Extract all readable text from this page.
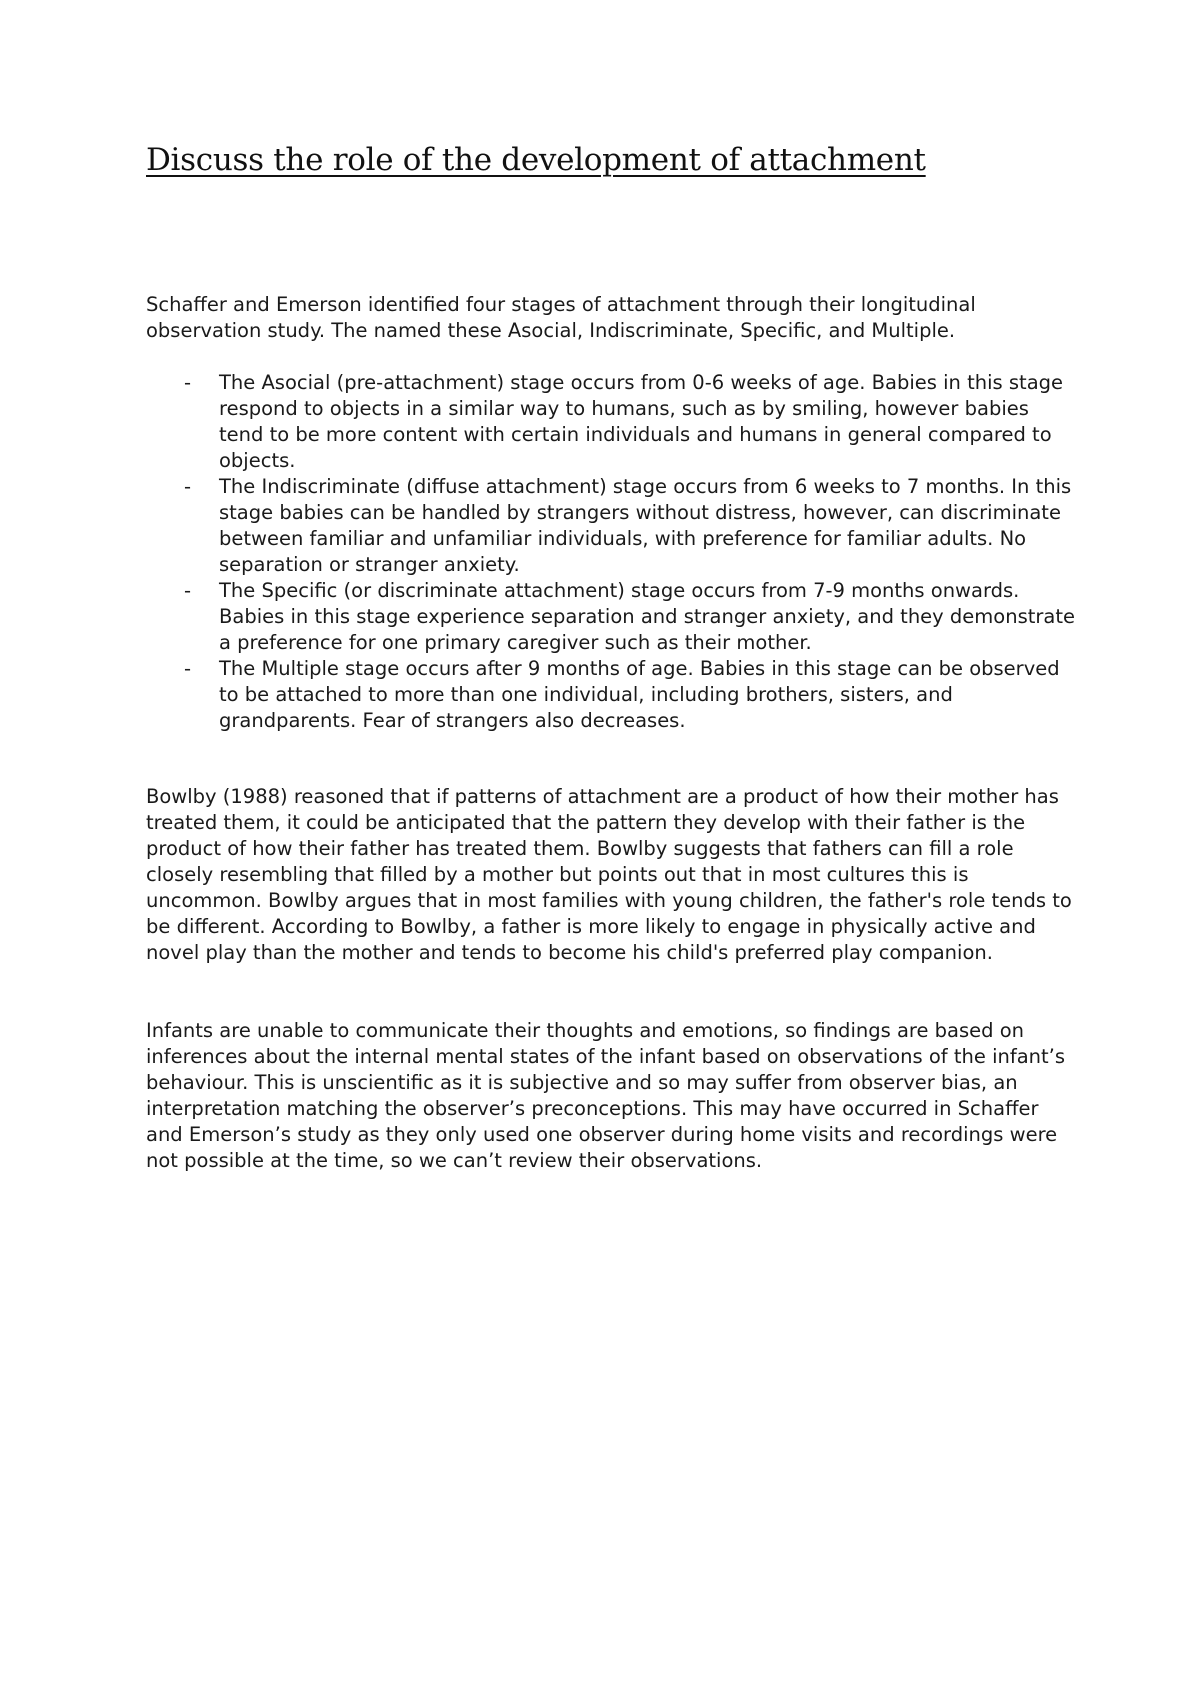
Discuss the role of the development of attachment

Schaffer and Emerson identified four stages of attachment through their longitudinal observation study. The named these Asocial, Indiscriminate, Specific, and Multiple.

- The Asocial (pre-attachment) stage occurs from 0-6 weeks of age. Babies in this stage respond to objects in a similar way to humans, such as by smiling, however babies tend to be more content with certain individuals and humans in general compared to objects.
- The Indiscriminate (diffuse attachment) stage occurs from 6 weeks to 7 months. In this stage babies can be handled by strangers without distress, however, can discriminate between familiar and unfamiliar individuals, with preference for familiar adults. No separation or stranger anxiety.
- The Specific (or discriminate attachment) stage occurs from 7-9 months onwards. Babies in this stage experience separation and stranger anxiety, and they demonstrate a preference for one primary caregiver such as their mother.
- The Multiple stage occurs after 9 months of age. Babies in this stage can be observed to be attached to more than one individual, including brothers, sisters, and grandparents. Fear of strangers also decreases.

Bowlby (1988) reasoned that if patterns of attachment are a product of how their mother has treated them, it could be anticipated that the pattern they develop with their father is the product of how their father has treated them. Bowlby suggests that fathers can fill a role closely resembling that filled by a mother but points out that in most cultures this is uncommon. Bowlby argues that in most families with young children, the father's role tends to be different. According to Bowlby, a father is more likely to engage in physically active and novel play than the mother and tends to become his child's preferred play companion.

Infants are unable to communicate their thoughts and emotions, so findings are based on inferences about the internal mental states of the infant based on observations of the infant’s behaviour. This is unscientific as it is subjective and so may suffer from observer bias, an interpretation matching the observer’s preconceptions. This may have occurred in Schaffer and Emerson’s study as they only used one observer during home visits and recordings were not possible at the time, so we can’t review their observations.
